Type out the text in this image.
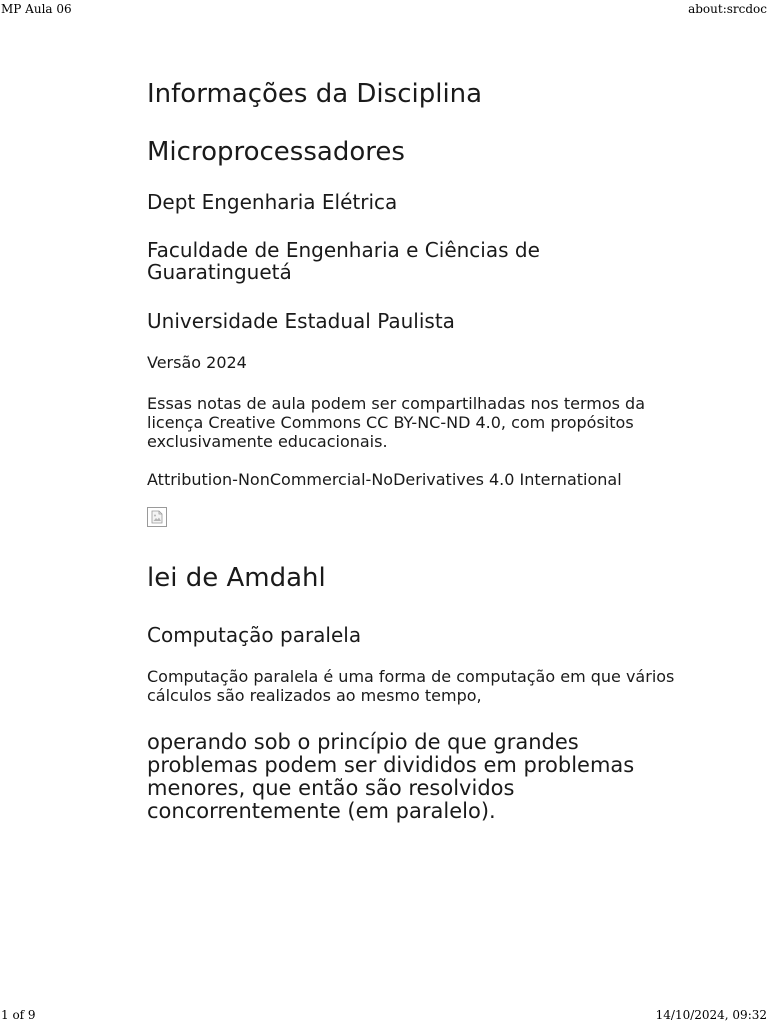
MP Aula 06	about:srcdoc
Informações da Disciplina
Microprocessadores
Dept Engenharia Elétrica
Faculdade de Engenharia e Ciências de Guaratinguetá
Universidade Estadual Paulista

Versão 2024

Essas notas de aula podem ser compartilhadas nos termos da licença Creative Commons CC BY-NC-ND 4.0, com propósitos exclusivamente educacionais.

Attribution-NonCommercial-NoDerivatives 4.0 International

lei de Amdahl
Computação paralela

Computação paralela é uma forma de computação em que vários cálculos são realizados ao mesmo tempo,

operando sob o princípio de que grandes problemas podem ser divididos em problemas menores, que então são resolvidos concorrentemente (em paralelo).

1 of 9	14/10/2024, 09:32
